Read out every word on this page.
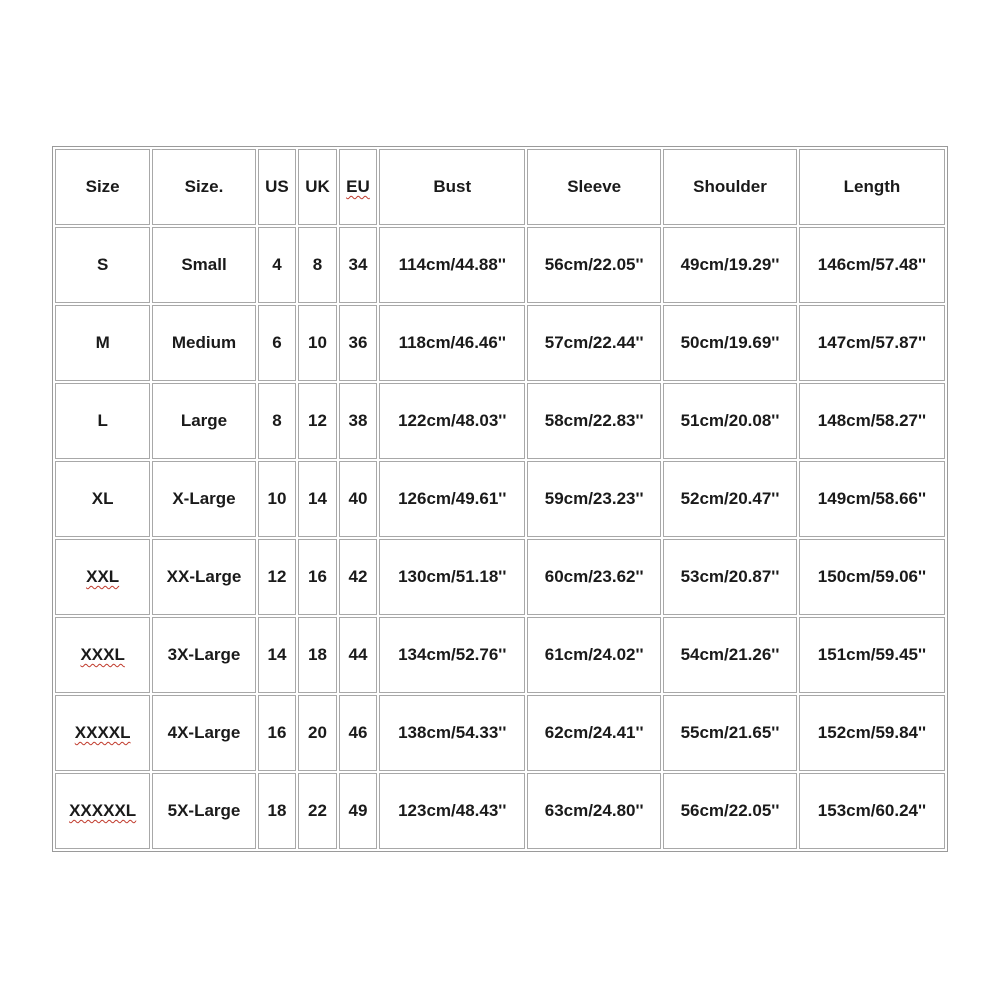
Size	Size.	US	UK	EU	Bust	Sleeve	Shoulder	Length
S	Small	4	8	34	114cm/44.88''	56cm/22.05''	49cm/19.29''	146cm/57.48''
M	Medium	6	10	36	118cm/46.46''	57cm/22.44''	50cm/19.69''	147cm/57.87''
L	Large	8	12	38	122cm/48.03''	58cm/22.83''	51cm/20.08''	148cm/58.27''
XL	X-Large	10	14	40	126cm/49.61''	59cm/23.23''	52cm/20.47''	149cm/58.66''
XXL	XX-Large	12	16	42	130cm/51.18''	60cm/23.62''	53cm/20.87''	150cm/59.06''
XXXL	3X-Large	14	18	44	134cm/52.76''	61cm/24.02''	54cm/21.26''	151cm/59.45''
XXXXL	4X-Large	16	20	46	138cm/54.33''	62cm/24.41''	55cm/21.65''	152cm/59.84''
XXXXXL	5X-Large	18	22	49	123cm/48.43''	63cm/24.80''	56cm/22.05''	153cm/60.24''
